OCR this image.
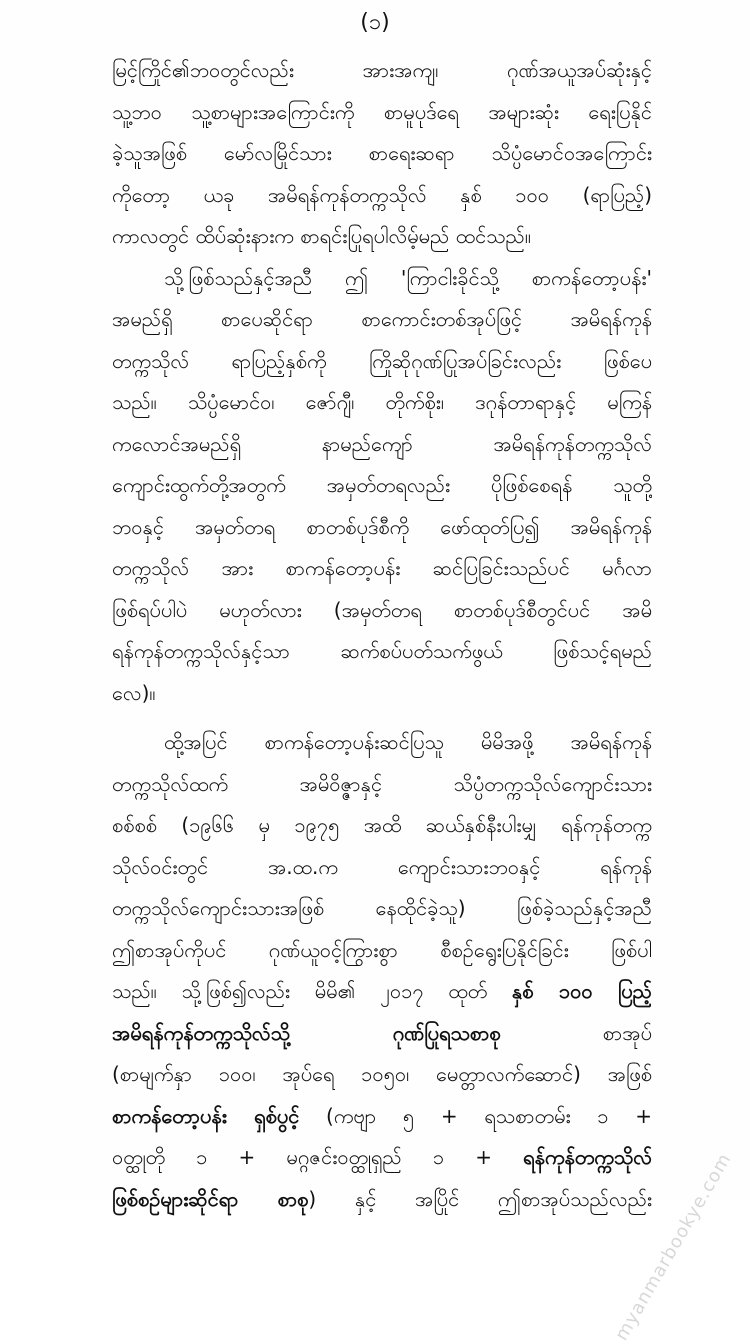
(၁)
မြင့်ကြိုင်၏ဘဝတွင်လည်း အားအကျ၊ ဂုဏ်အယူအပ်ဆုံးနှင့်
သူ့ဘဝ သူ့စာများအကြောင်းကို စာမူပုဒ်ရေ အများဆုံး ရေးပြနိုင်
ခဲ့သူအဖြစ် မော်လမြိုင်သား စာရေးဆရာ သိပ္ပံမောင်ဝအကြောင်း
ကိုတော့ ယခု အမိရန်ကုန်တက္ကသိုလ် နှစ် ၁၀၀ (ရာပြည့်)
ကာလတွင် ထိပ်ဆုံးနားက စာရင်းပြုရပါလိမ့်မည် ထင်သည်။
သို့ဖြစ်သည်နှင့်အညီ ဤ 'ကြာငါးခိုင်သို့ စာကန်တော့ပန်း'
အမည်ရှိ စာပေဆိုင်ရာ စာကောင်းတစ်အုပ်ဖြင့် အမိရန်ကုန်
တက္ကသိုလ် ရာပြည့်နှစ်ကို ကြိုဆိုဂုဏ်ပြုအပ်ခြင်းလည်း ဖြစ်ပေ
သည်။ သိပ္ပံမောင်ဝ၊ ဇော်ဂျီ၊ တိုက်စိုး၊ ဒဂုန်တာရာနှင့် မကြန်
ကလောင်အမည်ရှိ နာမည်ကျော် အမိရန်ကုန်တက္ကသိုလ်
ကျောင်းထွက်တို့အတွက် အမှတ်တရလည်း ပိုဖြစ်စေရန် သူတို့
ဘဝနှင့် အမှတ်တရ စာတစ်ပုဒ်စီကို ဖော်ထုတ်ပြ၍ အမိရန်ကုန်
တက္ကသိုလ် အား စာကန်တော့ပန်း ဆင်ပြခြင်းသည်ပင် မင်္ဂလာ
ဖြစ်ရပ်ပါပဲ မဟုတ်လား (အမှတ်တရ စာတစ်ပုဒ်စီတွင်ပင် အမိ
ရန်ကုန်တက္ကသိုလ်နှင့်သာ ဆက်စပ်ပတ်သက်ဖွယ် ဖြစ်သင့်ရမည်
လေ)။
ထို့အပြင် စာကန်တော့ပန်းဆင်ပြသူ မိမိအဖို့ အမိရန်ကုန်
တက္ကသိုလ်ထက် အမိဝိဇ္ဇာနှင့် သိပ္ပံတက္ကသိုလ်ကျောင်းသား
စစ်စစ် (၁၉၆၆ မှ ၁၉၇၅ အထိ ဆယ်နှစ်နီးပါးမျှ ရန်ကုန်တက္က
သိုလ်ဝင်းတွင် အ.ထ.က ကျောင်းသားဘဝနှင့် ရန်ကုန်
တက္ကသိုလ်ကျောင်းသားအဖြစ် နေထိုင်ခဲ့သူ) ဖြစ်ခဲ့သည်နှင့်အညီ
ဤစာအုပ်ကိုပင် ဂုဏ်ယူဝင့်ကြွားစွာ စီစဉ်ရွေးပြနိုင်ခြင်း ဖြစ်ပါ
သည်။ သို့ဖြစ်၍လည်း မိမိ၏ ၂၀၁၇ ထုတ် နှစ် ၁၀၀ ပြည့်
အမိရန်ကုန်တက္ကသိုလ်သို့ ဂုဏ်ပြုရသစာစု	စာအုပ်
(စာမျက်နှာ ၁၀၀၊ အုပ်ရေ ၁၀၅၀၊ မေတ္တာလက်ဆောင်) အဖြစ်
စာကန်တော့ပန်း ရှစ်ပွင့် (ကဗျာ ၅ + ရသစာတမ်း ၁ +
ဝတ္ထုတို ၁ + မဂ္ဂဇင်းဝတ္ထုရှည် ၁ + ရန်ကုန်တက္ကသိုလ်
ဖြစ်စဉ်များဆိုင်ရာ စာစု) နှင့် အပြိုင် ဤစာအုပ်သည်လည်း
myanmarbookye.com
